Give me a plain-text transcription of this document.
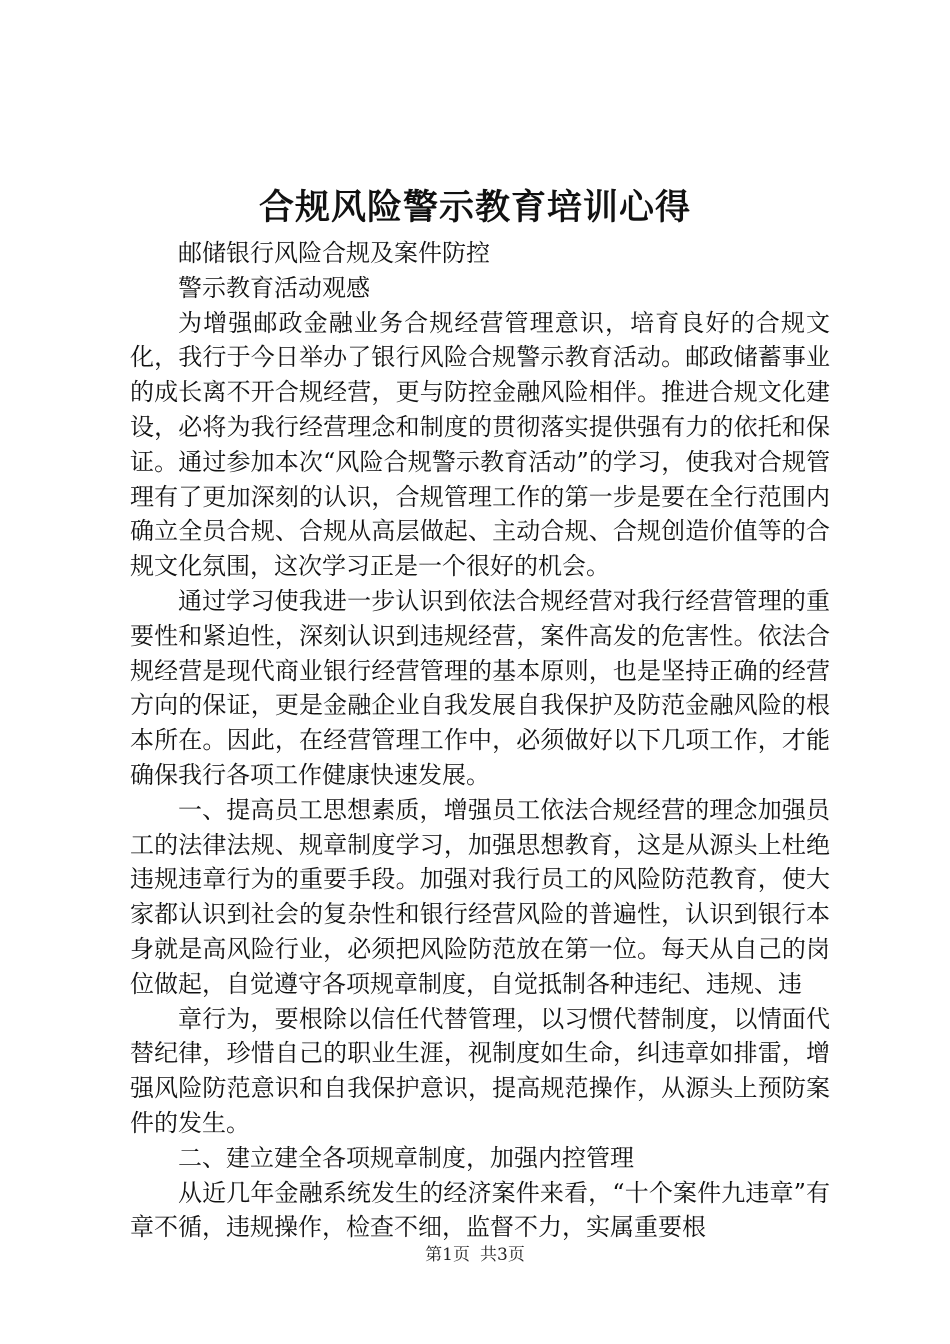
合规风险警示教育培训心得

邮储银行风险合规及案件防控

警示教育活动观感

为增强邮政金融业务合规经营管理意识，培育良好的合规文化，我行于今日举办了银行风险合规警示教育活动。邮政储蓄事业的成长离不开合规经营，更与防控金融风险相伴。推进合规文化建设，必将为我行经营理念和制度的贯彻落实提供强有力的依托和保证。通过参加本次“风险合规警示教育活动”的学习，使我对合规管理有了更加深刻的认识，合规管理工作的第一步是要在全行范围内确立全员合规、合规从高层做起、主动合规、合规创造价值等的合规文化氛围，这次学习正是一个很好的机会。

通过学习使我进一步认识到依法合规经营对我行经营管理的重要性和紧迫性，深刻认识到违规经营，案件高发的危害性。依法合规经营是现代商业银行经营管理的基本原则，也是坚持正确的经营方向的保证，更是金融企业自我发展自我保护及防范金融风险的根本所在。因此，在经营管理工作中，必须做好以下几项工作，才能确保我行各项工作健康快速发展。

一、提高员工思想素质，增强员工依法合规经营的理念加强员工的法律法规、规章制度学习，加强思想教育，这是从源头上杜绝违规违章行为的重要手段。加强对我行员工的风险防范教育，使大家都认识到社会的复杂性和银行经营风险的普遍性，认识到银行本身就是高风险行业，必须把风险防范放在第一位。每天从自己的岗位做起，自觉遵守各项规章制度，自觉抵制各种违纪、违规、违

章行为，要根除以信任代替管理，以习惯代替制度，以情面代替纪律，珍惜自己的职业生涯，视制度如生命，纠违章如排雷，增强风险防范意识和自我保护意识，提高规范操作，从源头上预防案件的发生。

二、建立建全各项规章制度，加强内控管理

从近几年金融系统发生的经济案件来看，“十个案件九违章”有章不循，违规操作，检查不细，监督不力，实属重要根

第1页 共3页
